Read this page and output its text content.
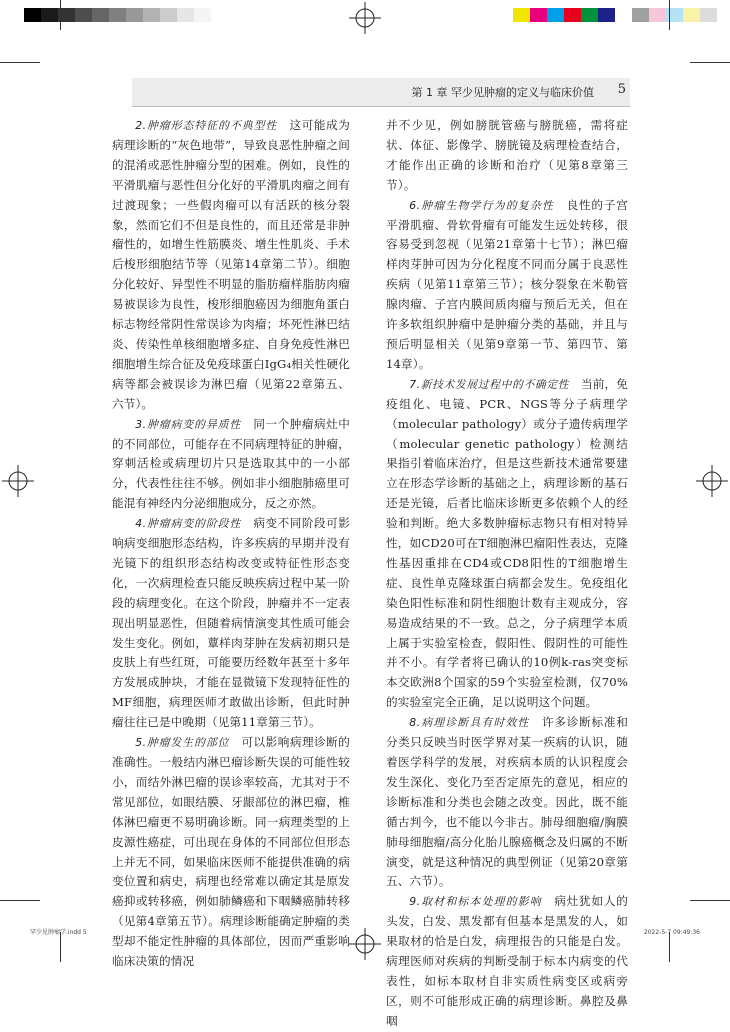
第 1 章 罕少见肿瘤的定义与临床价值 5

2.肿瘤形态特征的不典型性　 这可能成为病理诊断的“灰色地带”，导致良恶性肿瘤之间的混淆或恶性肿瘤分型的困难。例如，良性的平滑肌瘤与恶性但分化好的平滑肌肉瘤之间有过渡现象；一些假肉瘤可以有活跃的核分裂象，然而它们不但是良性的，而且还常是非肿瘤性的，如增生性筋膜炎、增生性肌炎、手术后梭形细胞结节等（见第14章第二节）。细胞分化较好、异型性不明显的脂肪瘤样脂肪肉瘤易被误诊为良性，梭形细胞癌因为细胞角蛋白标志物经常阴性常误诊为肉瘤；坏死性淋巴结炎、传染性单核细胞增多症、自身免疫性淋巴细胞增生综合征及免疫球蛋白IgG₄相关性硬化病等都会被误诊为淋巴瘤（见第22章第五、六节）。

3.肿瘤病变的异质性　 同一个肿瘤病灶中的不同部位，可能存在不同病理特征的肿瘤，穿刺活检或病理切片只是选取其中的一小部分，代表性往往不够。例如非小细胞肺癌里可能混有神经内分泌细胞成分，反之亦然。

4.肿瘤病变的阶段性　 病变不同阶段可影响病变细胞形态结构，许多疾病的早期并没有光镜下的组织形态结构改变或特征性形态变化，一次病理检查只能反映疾病过程中某一阶段的病理变化。在这个阶段，肿瘤并不一定表现出明显恶性，但随着病情演变其性质可能会发生变化。例如，蕈样肉芽肿在发病初期只是皮肤上有些红斑，可能要历经数年甚至十多年方发展成肿块，才能在显微镜下发现特征性的MF细胞，病理医师才敢做出诊断，但此时肿瘤往往已是中晚期（见第11章第三节）。

5.肿瘤发生的部位　 可以影响病理诊断的准确性。一般结内淋巴瘤诊断失误的可能性较小，而结外淋巴瘤的误诊率较高，尤其对于不常见部位，如眼结膜、牙龈部位的淋巴瘤，椎体淋巴瘤更不易明确诊断。同一病理类型的上皮源性癌症，可出现在身体的不同部位但形态上并无不同，如果临床医师不能提供准确的病变位置和病史，病理也经常难以确定其是原发癌抑或转移癌，例如肺鳞癌和下咽鳞癌肺转移（见第4章第五节）。病理诊断能确定肿瘤的类型却不能定性肿瘤的具体部位，因而严重影响临床决策的情况

并不少见，例如膀胱管癌与膀胱癌，需将症状、体征、影像学、膀胱镜及病理检查结合，才能作出正确的诊断和治疗（见第8章第三节）。

6.肿瘤生物学行为的复杂性　 良性的子宫平滑肌瘤、骨软骨瘤有可能发生远处转移，很容易受到忽视（见第21章第十七节）；淋巴瘤样肉芽肿可因为分化程度不同而分属于良恶性疾病（见第11章第三节）；核分裂象在米勒管腺肉瘤、子宫内膜间质肉瘤与预后无关，但在许多软组织肿瘤中是肿瘤分类的基础，并且与预后明显相关（见第9章第一节、第四节、第14章）。

7.新技术发展过程中的不确定性　 当前，免疫组化、电镜、PCR、NGS等分子病理学（molecular pathology）或分子遗传病理学（molecular genetic pathology）检测结果指引着临床治疗，但是这些新技术通常要建立在形态学诊断的基础之上，病理诊断的基石还是光镜，后者比临床诊断更多依赖个人的经验和判断。绝大多数肿瘤标志物只有相对特异性，如CD20可在T细胞淋巴瘤阳性表达，克隆性基因重排在CD4或CD8阳性的T细胞增生症、良性单克隆球蛋白病都会发生。免疫组化染色阳性标准和阴性细胞计数有主观成分，容易造成结果的不一致。总之，分子病理学本质上属于实验室检查，假阳性、假阴性的可能性并不小。有学者将已确认的10例k-ras突变标本交欧洲8个国家的59个实验室检测，仅70%的实验室完全正确，足以说明这个问题。

8.病理诊断具有时效性　 许多诊断标准和分类只反映当时医学界对某一疾病的认识，随着医学科学的发展，对疾病本质的认识程度会发生深化、变化乃至否定原先的意见，相应的诊断标准和分类也会随之改变。因此，既不能循古判今，也不能以今非古。肺母细胞瘤/胸膜肺母细胞瘤/高分化胎儿腺癌概念及归属的不断演变，就是这种情况的典型例证（见第20章第五、六节）。

9.取材和标本处理的影响　 病灶犹如人的头发，白发、黑发都有但基本是黑发的人，如果取材的恰是白发，病理报告的只能是白发。病理医师对疾病的判断受制于标本内病变的代表性，如标本取材自非实质性病变区或病旁区，则不可能形成正确的病理诊断。鼻腔及鼻咽

罕少见肿瘤学.indd 5	2022-5-7 09:49:36
